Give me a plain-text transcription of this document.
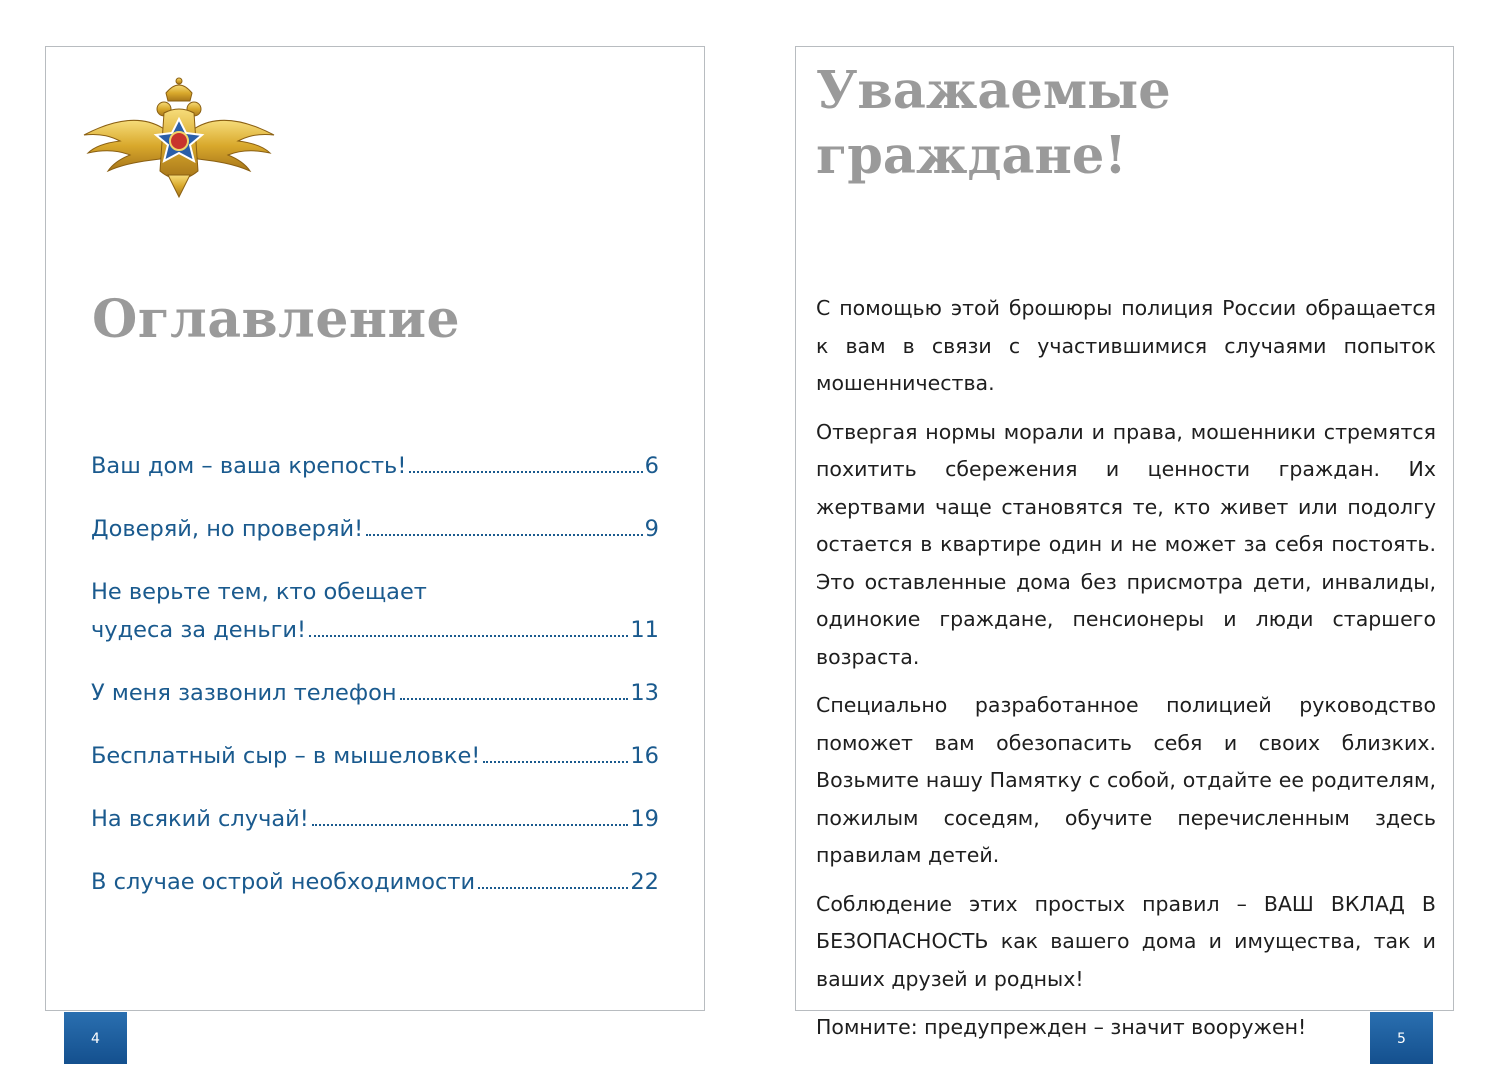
Оглавление
Ваш дом – ваша крепость!	6
Доверяй, но проверяй!	9
Не верьте тем, кто обещает
чудеса за деньги!	11
У меня зазвонил телефон	13
Бесплатный сыр – в мышеловке!	16
На всякий случай!	19
В случае острой необходимости	22
Уважаемые
граждане!

С помощью этой брошюры полиция России обращается к вам в связи с участившимися случаями попыток мошенничества.

Отвергая нормы морали и права, мошенники стремятся похитить сбережения и ценности граждан. Их жертвами чаще становятся те, кто живет или подолгу остается в квартире один и не может за себя постоять. Это оставленные дома без присмотра дети, инвалиды, одинокие граждане, пенсионеры и люди старшего возраста.

Специально разработанное полицией руководство поможет вам обезопасить себя и своих близких. Возьмите нашу Памятку с собой, отдайте ее родителям, пожилым соседям, обучите перечисленным здесь правилам детей.

Соблюдение этих простых правил – ВАШ ВКЛАД В БЕЗОПАСНОСТЬ как вашего дома и имущества, так и ваших друзей и родных!

Помните: предупрежден – значит вооружен!

4	5
